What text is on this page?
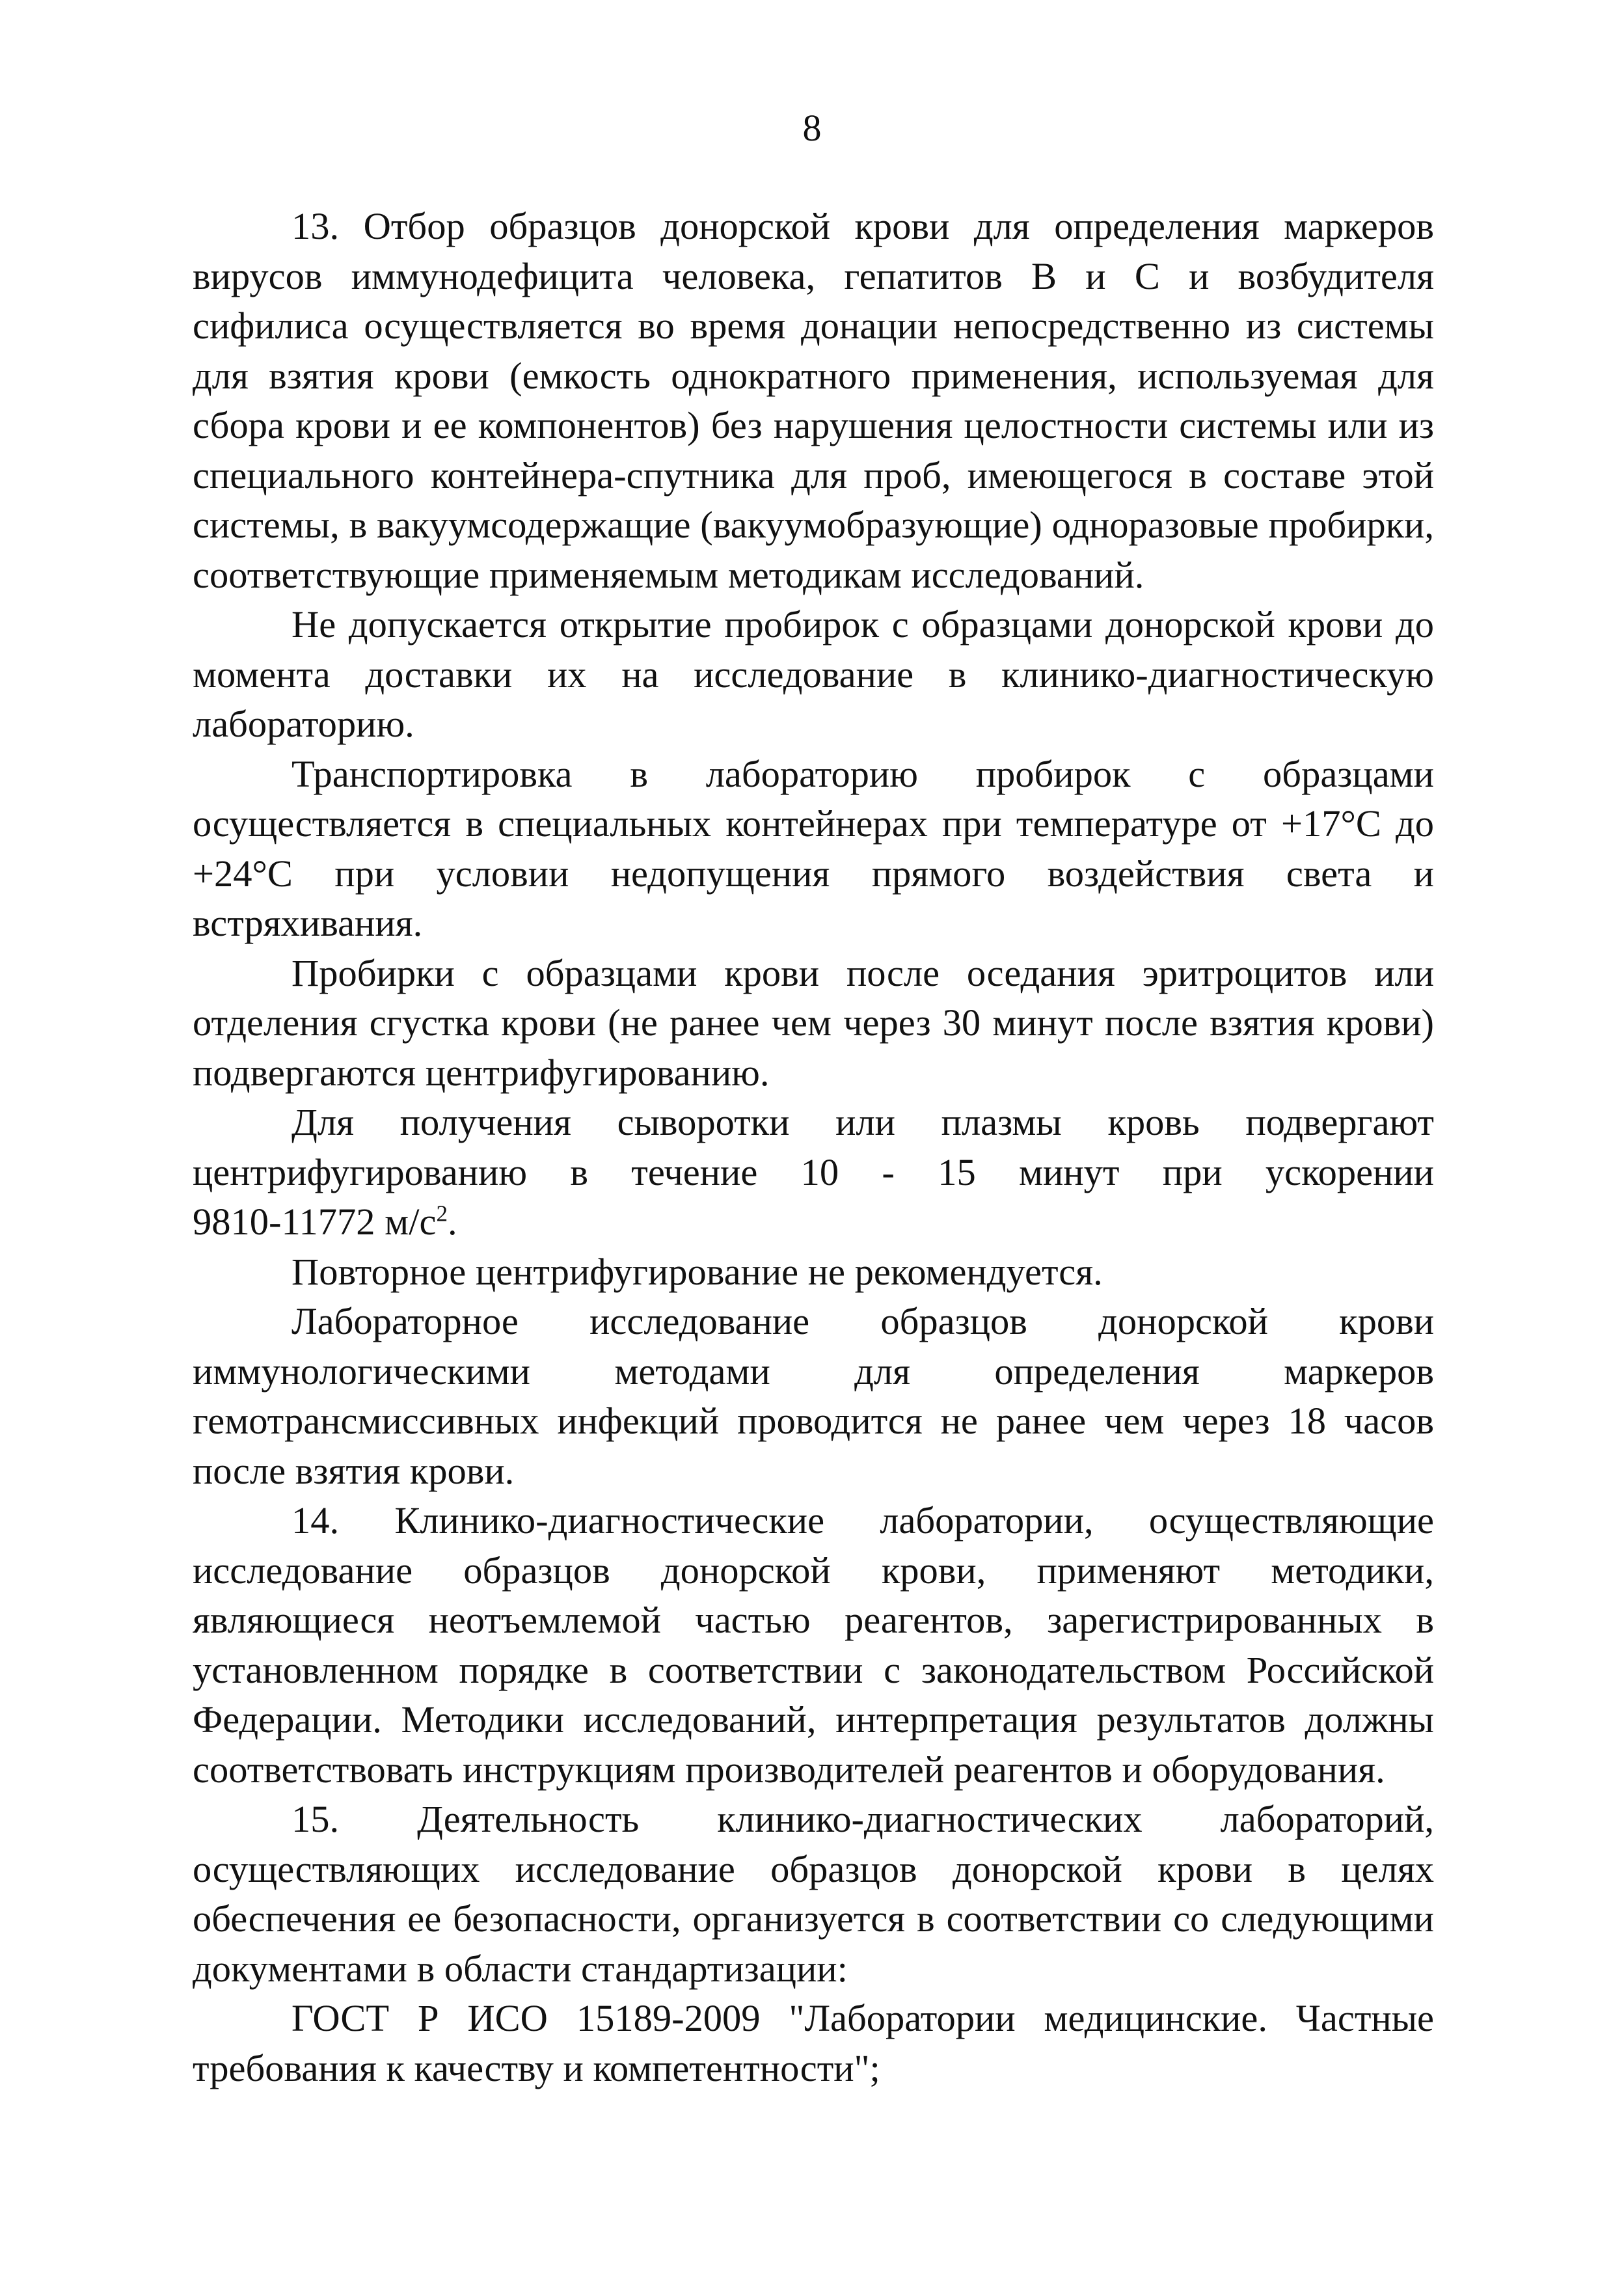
8

13. Отбор образцов донорской крови для определения маркеров вирусов иммунодефицита человека, гепатитов В и С и возбудителя сифилиса осуществляется во время донации непосредственно из системы для взятия крови (емкость однократного применения, используемая для сбора крови и ее компонентов) без нарушения целостности системы или из специального контейнера-спутника для проб, имеющегося в составе этой системы, в вакуумсодержащие (вакуумобразующие) одноразовые пробирки, соответствующие применяемым методикам исследований.

Не допускается открытие пробирок с образцами донорской крови до момента доставки их на исследование в клинико-диагностическую лабораторию.

Транспортировка в лабораторию пробирок с образцами осуществляется в специальных контейнерах при температуре от +17°С до +24°С при условии недопущения прямого воздействия света и встряхивания.

Пробирки с образцами крови после оседания эритроцитов или отделения сгустка крови (не ранее чем через 30 минут после взятия крови) подвергаются центрифугированию.

Для получения сыворотки или плазмы кровь подвергают
центрифугированию в течение 10 - 15 минут при ускорении
9810-11772 $м/с^2$.

Повторное центрифугирование не рекомендуется.

Лабораторное исследование образцов донорской крови иммунологическими методами для определения маркеров гемотрансмиссивных инфекций проводится не ранее чем через 18 часов после взятия крови.

14. Клинико-диагностические лаборатории, осуществляющие исследование образцов донорской крови, применяют методики, являющиеся неотъемлемой частью реагентов, зарегистрированных в установленном порядке в соответствии с законодательством Российской Федерации. Методики исследований, интерпретация результатов должны соответствовать инструкциям производителей реагентов и оборудования.

15. Деятельность клинико-диагностических лабораторий, осуществляющих исследование образцов донорской крови в целях обеспечения ее безопасности, организуется в соответствии со следующими документами в области стандартизации:

ГОСТ Р ИСО 15189-2009 "Лаборатории медицинские. Частные требования к качеству и компетентности";
